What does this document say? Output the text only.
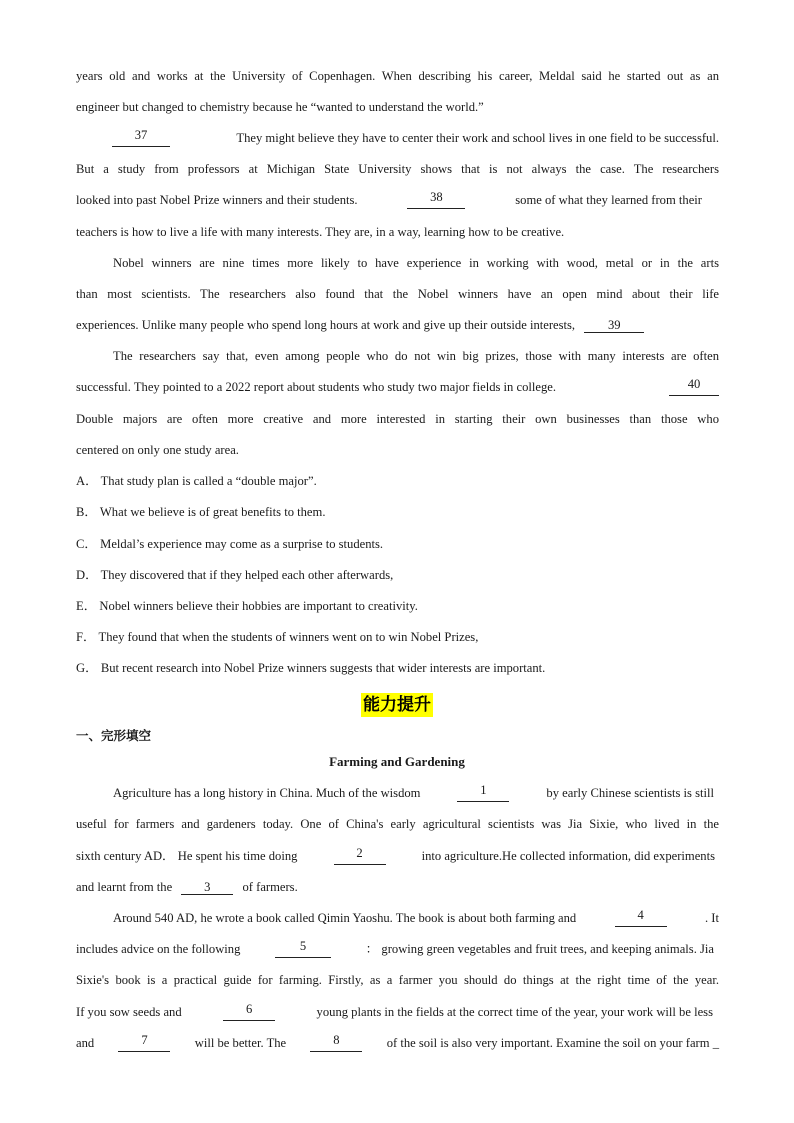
years old and works at the University of Copenhagen. When describing his career, Meldal said he started out as an
engineer but changed to chemistry because he “wanted to understand the world.”
37	They might believe they have to center their work and school lives in one field to be successful.
But a study from professors at Michigan State University shows that is not always the case. The researchers
looked into past Nobel Prize winners and their students.	38	some of what they learned from their
teachers is how to live a life with many interests. They are, in a way, learning how to be creative.
Nobel winners are nine times more likely to have experience in working with wood, metal or in the arts
than most scientists. The researchers also found that the Nobel winners have an open mind about their life
experiences. Unlike many people who spend long hours at work and give up their outside interests,	39
The researchers say that, even among people who do not win big prizes, those with many interests are often
successful. They pointed to a 2022 report about students who study two major fields in college.	40
Double majors are often more creative and more interested in starting their own businesses than those who
centered on only one study area.
A． That study plan is called a “double major”.
B． What we believe is of great benefits to them.
C． Meldal’s experience may come as a surprise to students.
D． They discovered that if they helped each other afterwards,
E． Nobel winners believe their hobbies are important to creativity.
F． They found that when the students of winners went on to win Nobel Prizes,
G． But recent research into Nobel Prize winners suggests that wider interests are important.
能力提升
一、完形填空
Farming and Gardening
Agriculture has a long history in China. Much of the wisdom	1	by early Chinese scientists is still
useful for farmers and gardeners today. One of China's early agricultural scientists was Jia Sixie, who lived in the
sixth century AD． He spent his time doing	2	into agriculture.He collected information, did experiments
and learnt from the	3	of farmers.
Around 540 AD, he wrote a book called Qimin Yaoshu. The book is about both farming and	4	. It
includes advice on the following	5	： growing green vegetables and fruit trees, and keeping animals. Jia
Sixie's book is a practical guide for farming. Firstly, as a farmer you should do things at the right time of the year.
If you sow seeds and	6	young plants in the fields at the correct time of the year, your work will be less
and	7	will be better. The	8	of the soil is also very important. Examine the soil on your farm _
